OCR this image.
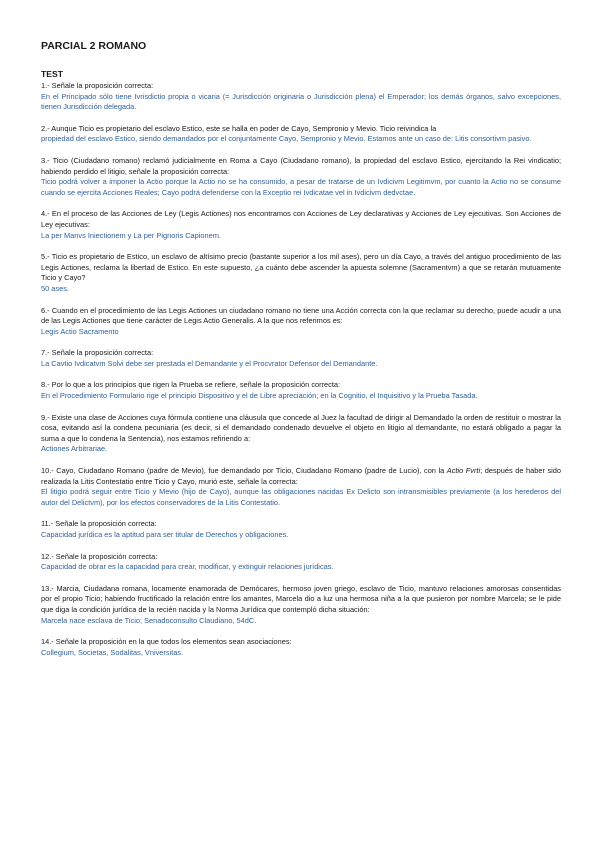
PARCIAL 2 ROMANO
TEST

1.- Señale la proposición correcta:

En el Principado sólo tiene Ivrisdictio propia o vicaria (= Jurisdicción originaria o Jurisdicción plena) el Emperador; los demás órganos, salvo excepciones, tienen Jurisdicción delegada.

2.- Aunque Ticio es propietario del esclavo Estico, este se halla en poder de Cayo, Sempronio y Mevio. Ticio reivindica la

propiedad del esclavo Estico, siendo demandados por el conjuntamente Cayo, Sempronio y Mevio. Estamos ante un caso de: Litis consortivm pasivo.

3.- Ticio (Ciudadano romano) reclamó judicialmente en Roma a Cayo (Ciudadano romano), la propiedad del esclavo Estico, ejercitando la Rei vindicatio; habiendo perdido el litigio, señale la proposición correcta:

Ticio podrá volver a imponer la Actio porque la Actio no se ha consumido, a pesar de tratarse de un Ivdicivm Legitimvm, por cuanto la Actio no se consume cuando se ejercita Acciones Reales; Cayo podrá defenderse con la Exceptio rei Ivdicatae vel in Ivdicivm dedvctae.

4.- En el proceso de las Acciones de Ley (Legis Actiones) nos encontramos con Acciones de Ley declarativas y Acciones de Ley ejecutivas. Son Acciones de Ley ejecutivas:

La per Manvs Iniectionem y La per Pignoris Capionem.

5.- Ticio es propietario de Estico, un esclavo de altísimo precio (bastante superior a los mil ases), pero un día Cayo, a través del antiguo procedimiento de las Legis Actiones, reclama la libertad de Estico. En este supuesto, ¿a cuánto debe ascender la apuesta solemne (Sacramentvm) a que se retarán mutuamente Ticio y Cayo?

50 ases.

6.- Cuando en el procedimiento de las Legis Actiones un ciudadano romano no tiene una Acción correcta con la que reclamar su derecho, puede acudir a una de las Legis Actiones que tiene carácter de Legis Actio Generalis. A la que nos referimos es:

Legis Actio Sacramento

7.- Señale la proposición correcta:

La Cavtio Ivdicatvm Solvi debe ser prestada el Demandante y el Procvrator Defensor del Demandante.

8.- Por lo que a los principios que rigen la Prueba se refiere, señale la proposición correcta:

En el Procedimiento Formulario rige el principio Dispositivo y el de Libre apreciación; en la Cognitio, el Inquisitivo y la Prueba Tasada.

9.- Existe una clase de Acciones cuya fórmula contiene una cláusula que concede al Juez la facultad de dirigir al Demandado la orden de restituir o mostrar la cosa, evitando así la condena pecuniaria (es decir, si el demandado condenado devuelve el objeto en litigio al demandante, no estará obligado a pagar la suma a que lo condena la Sentencia), nos estamos refiriendo a:

Actiones Arbitrariae.

10.- Cayo, Ciudadano Romano (padre de Mevio), fue demandado por Ticio, Ciudadano Romano (padre de Lucio), con la Actio Fvrti; después de haber sido realizada la Litis Contestatio entre Ticio y Cayo, murió este, señale la correcta:

El litigio podrá seguir entre Ticio y Mevio (hijo de Cayo), aunque las obligaciones nacidas Ex Delicto son intransmisibles previamente (a los herederos del autor del Delictvm), por los efectos conservadores de la Litis Contestatio.

11.- Señale la proposición correcta:

Capacidad jurídica es la aptitud para ser titular de Derechos y obligaciones.

12.- Señale la proposición correcta:

Capacidad de obrar es la capacidad para crear, modificar, y extinguir relaciones jurídicas.

13.- Marcia, Ciudadana romana, locamente enamorada de Demócares, hermoso joven griego, esclavo de Ticio, mantuvo relaciones amorosas consentidas por el propio Ticio; habiendo fructificado la relación entre los amantes, Marcela dio a luz una hermosa niña a la que pusieron por nombre Marcela; se le pide que diga la condición jurídica de la recién nacida y la Norma Jurídica que contempló dicha situación:

Marcela nace esclava de Ticio; Senadoconsulto Claudiano, 54dC.

14.- Señale la proposición en la que todos los elementos sean asociaciones:

Collegium, Societas, Sodalitas, Vniversitas.
